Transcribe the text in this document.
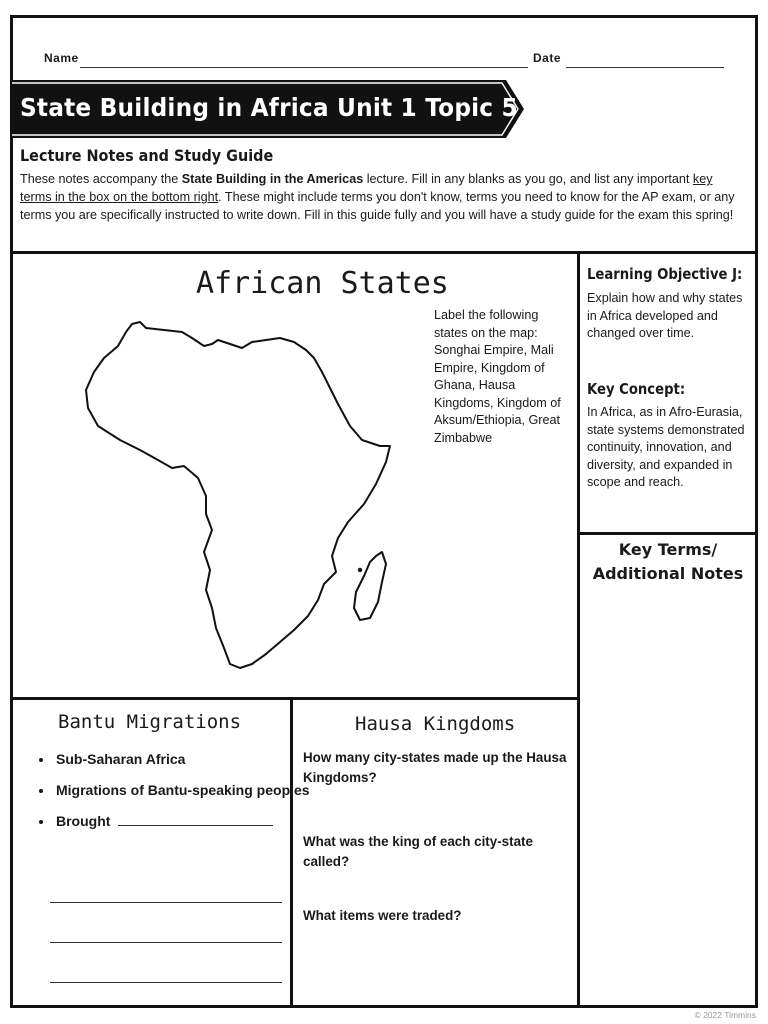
Name	Date
State Building in Africa Unit 1 Topic 5
Lecture Notes and Study Guide
These notes accompany the State Building in the Americas lecture. Fill in any blanks as you go, and list any important key terms in the box on the bottom right. These might include terms you don't know, terms you need to know for the AP exam, or any terms you are specifically instructed to write down. Fill in this guide fully and you will have a study guide for the exam this spring!
African States
Label the following states on the map: Songhai Empire, Mali Empire, Kingdom of Ghana, Hausa Kingdoms, Kingdom of Aksum/Ethiopia, Great Zimbabwe
Learning Objective J:
Explain how and why states in Africa developed and changed over time.
Key Concept:
In Africa, as in Afro-Eurasia, state systems demonstrated continuity, innovation, and diversity, and expanded in scope and reach.
Key Terms/
Additional Notes
Bantu Migrations
• Sub-Saharan Africa
• Migrations of Bantu-speaking peoples
• Brought
Hausa Kingdoms
How many city-states made up the Hausa Kingdoms?
What was the king of each city-state called?
What items were traded?
© 2022 Timmins
